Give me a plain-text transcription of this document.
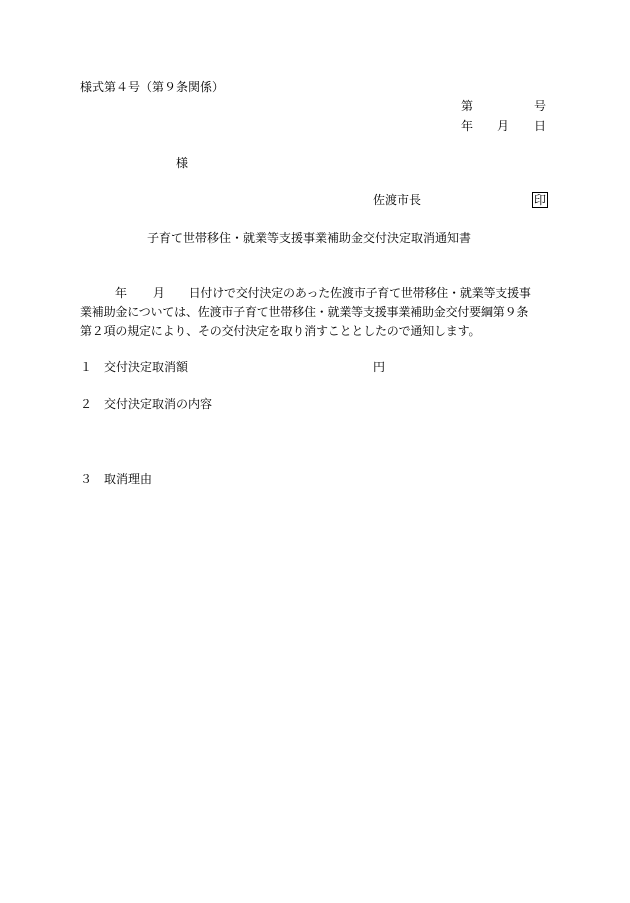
様式第４号（第９条関係）
第	号
年 月 日
様
佐渡市長	印
子育て世帯移住・就業等支援事業補助金交付決定取消通知書

年 月 日付けで交付決定のあった佐渡市子育て世帯移住・就業等支援事

業補助金については、佐渡市子育て世帯移住・就業等支援事業補助金交付要綱第９条

第２項の規定により、その交付決定を取り消すこととしたので通知します。

１ 交付決定取消額	円
２ 交付決定取消の内容
３ 取消理由
